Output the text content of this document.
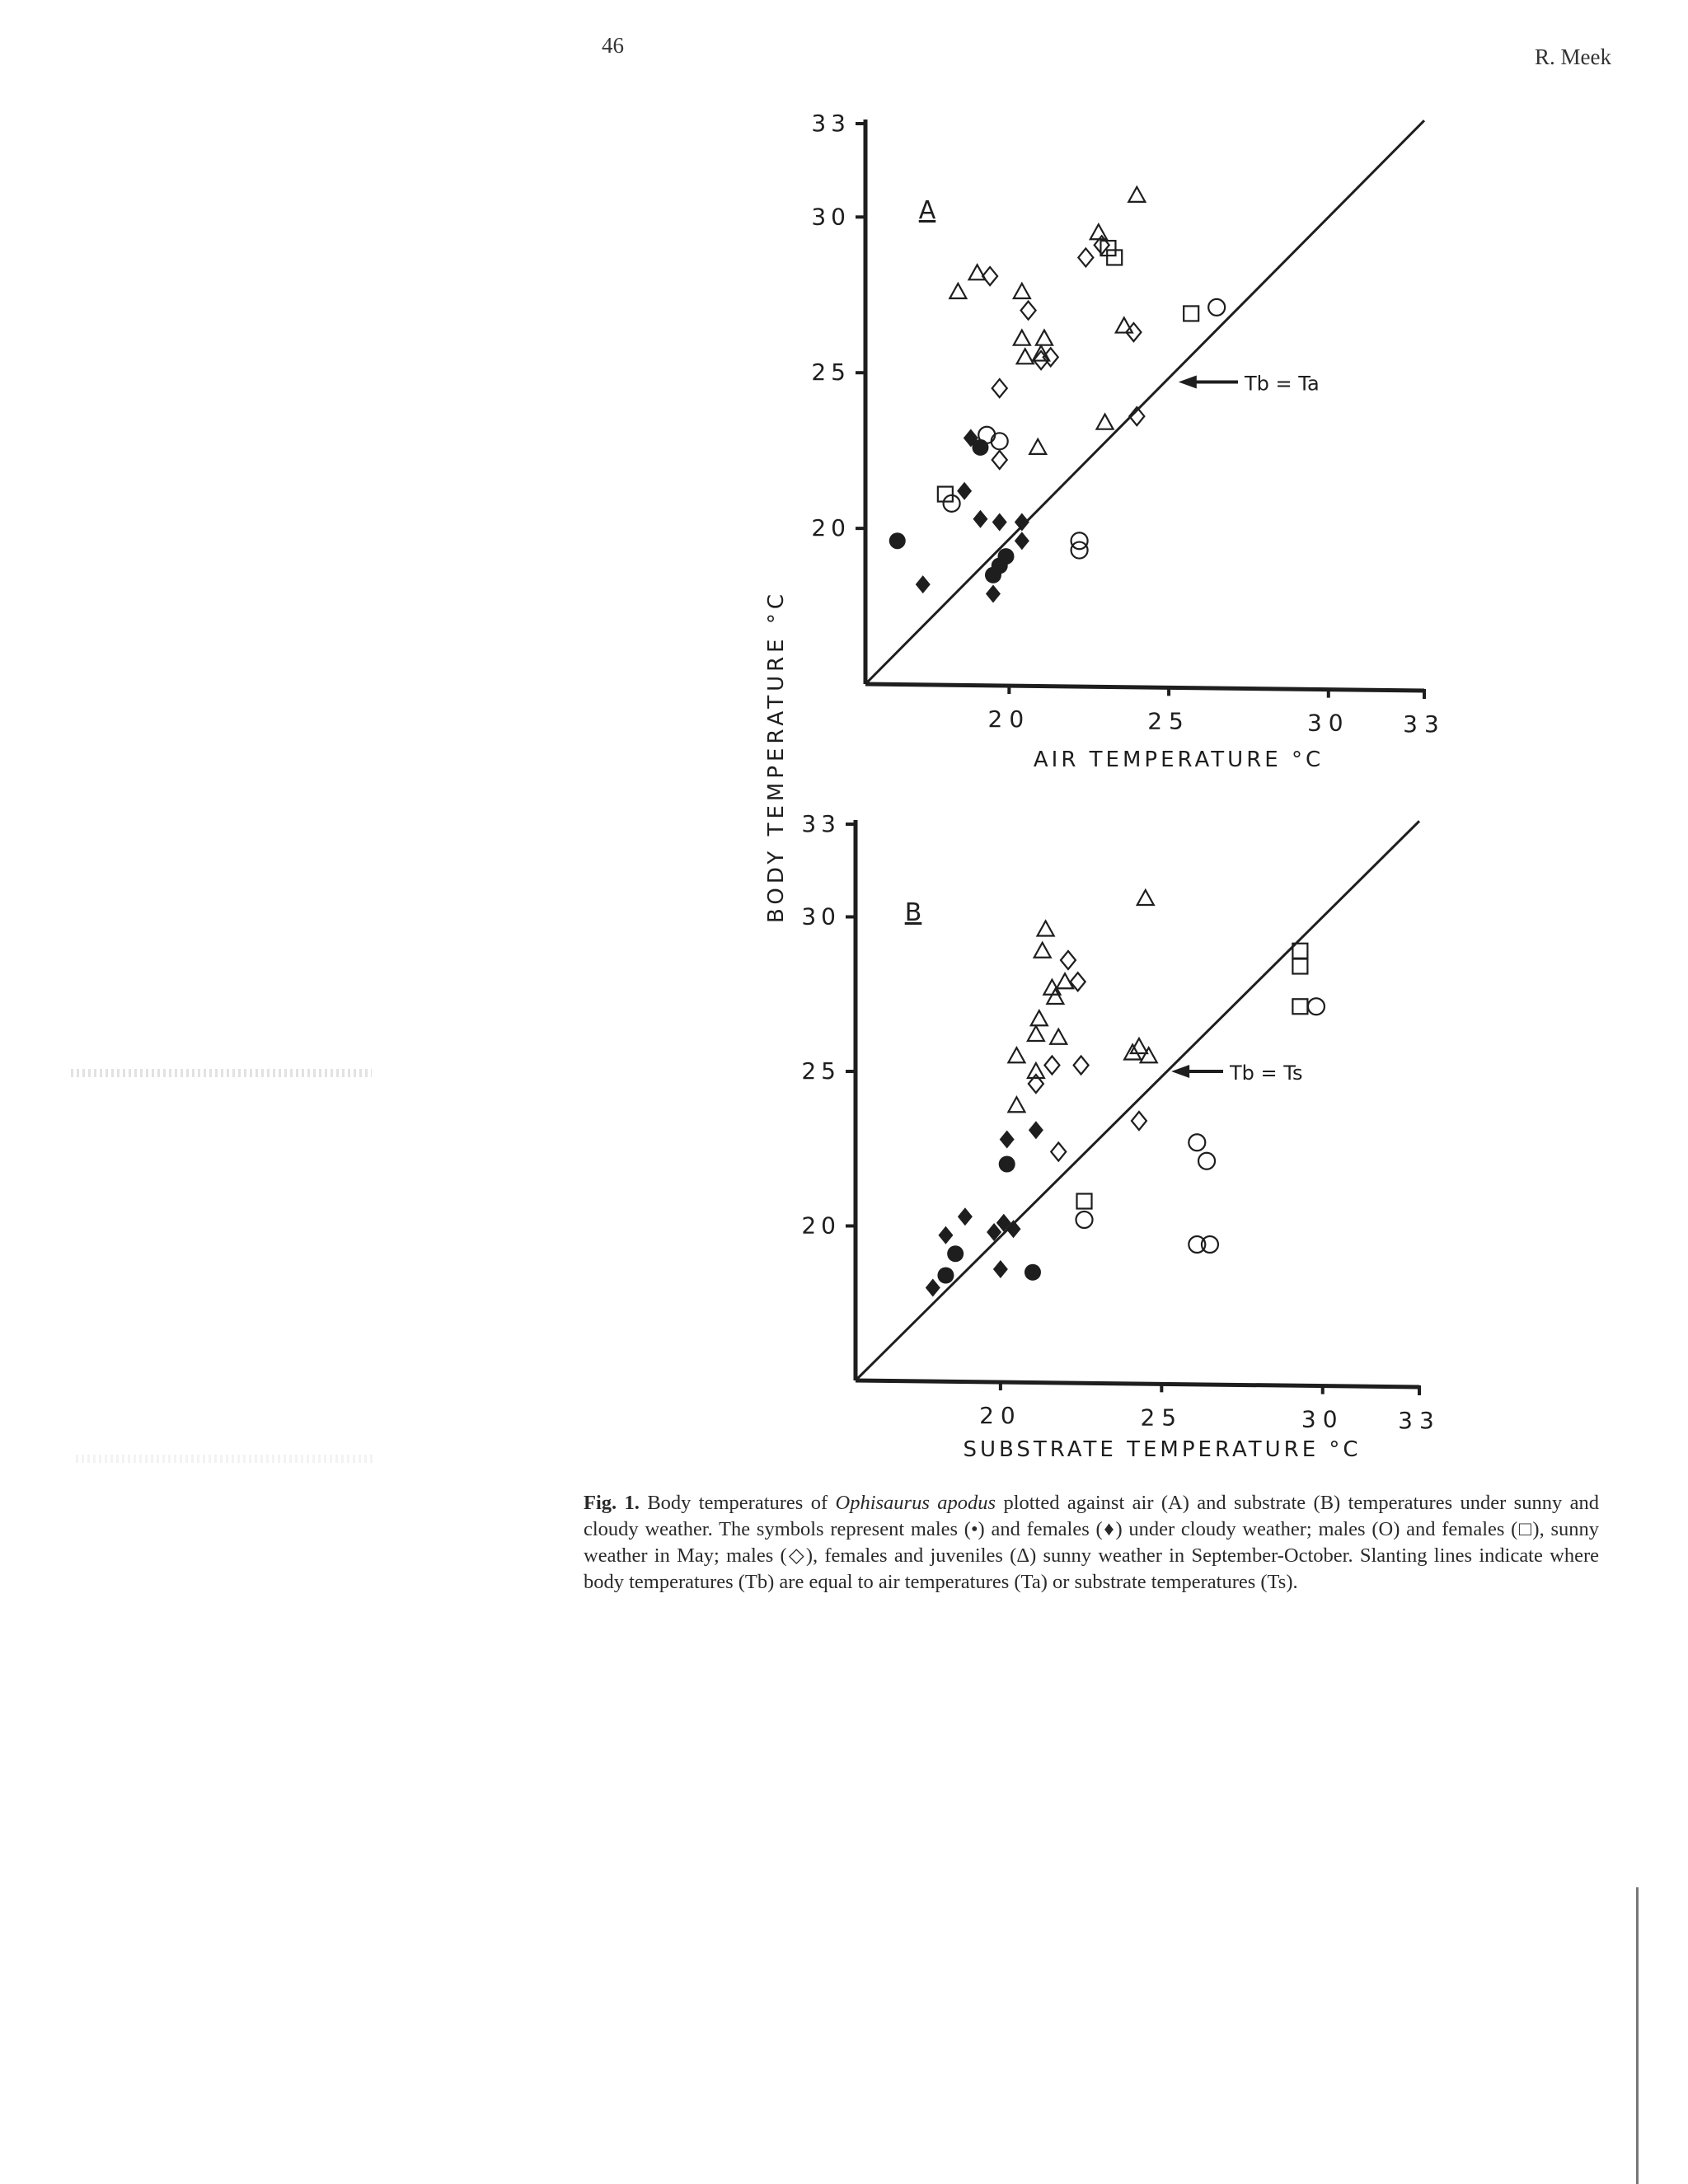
46	R. Meek
BODY TEMPERATURE °C
20
25
30
33
20	25	30 33
AIR TEMPERATURE °C
A
Tb = Ta
20
25
30
33
20	25	30 33
SUBSTRATE TEMPERATURE °C
B
Tb = Ts
Fig. 1. Body temperatures of Ophisaurus apodus plotted against air (A) and substrate (B) temperatures under sunny and cloudy weather. The symbols represent males (•) and females (♦) under cloudy weather; males (O) and females (□), sunny weather in May; males (◇), females and juveniles (Δ) sunny weather in September-October. Slanting lines indicate where body temperatures (Tb) are equal to air temperatures (Ta) or substrate temperatures (Ts).
